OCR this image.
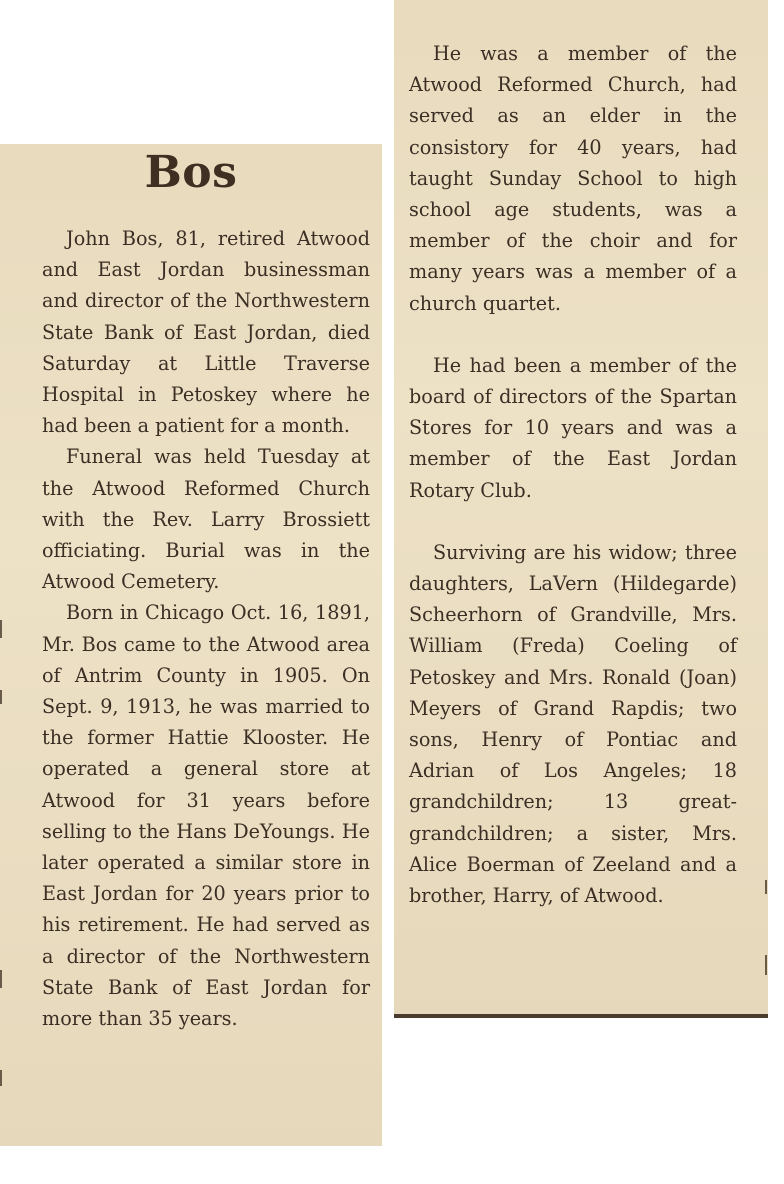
Bos

John Bos, 81, retired Atwood and East Jordan businessman and director of the Northwestern State Bank of East Jordan, died Saturday at Little Traverse Hospital in Petoskey where he had been a patient for a month.

Funeral was held Tuesday at the Atwood Reformed Church with the Rev. Larry Brossiett officiating. Burial was in the Atwood Cemetery.

Born in Chicago Oct. 16, 1891, Mr. Bos came to the Atwood area of Antrim County in 1905. On Sept. 9, 1913, he was married to the former Hattie Klooster. He operated a general store at Atwood for 31 years before selling to the Hans DeYoungs. He later operated a similar store in East Jordan for 20 years prior to his retirement. He had served as a director of the Northwestern State Bank of East Jordan for more than 35 years.

He was a member of the Atwood Reformed Church, had served as an elder in the consistory for 40 years, had taught Sunday School to high school age students, was a member of the choir and for many years was a member of a church quartet.

He had been a member of the board of directors of the Spartan Stores for 10 years and was a member of the East Jordan Rotary Club.

Surviving are his widow; three daughters, LaVern (Hildegarde) Scheerhorn of Grandville, Mrs. William (Freda) Coeling of Petoskey and Mrs. Ronald (Joan) Meyers of Grand Rapdis; two sons, Henry of Pontiac and Adrian of Los Angeles; 18 grandchildren; 13 great-grandchildren; a sister, Mrs. Alice Boerman of Zeeland and a brother, Harry, of Atwood.
